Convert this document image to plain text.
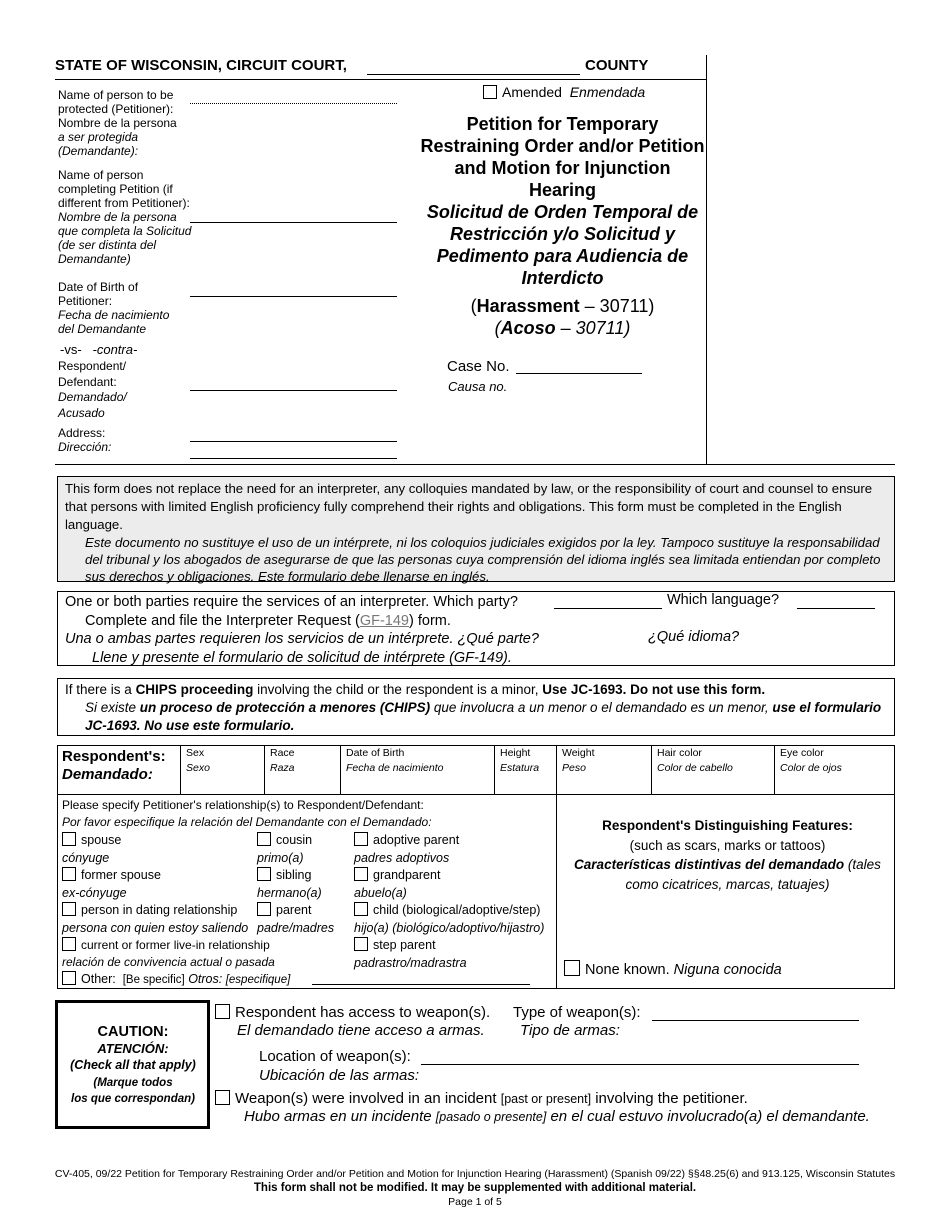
STATE OF WISCONSIN, CIRCUIT COURT,	COUNTY
Name of person to be protected (Petitioner):
Nombre de la persona
a ser protegida
(Demandante):
Name of person completing Petition (if different from Petitioner):
Nombre de la persona que completa la Solicitud (de ser distinta del Demandante)
Date of Birth of Petitioner:
Fecha de nacimiento del Demandante
-vs- -contra-
Respondent/ Defendant:
Demandado/ Acusado
Address:
Dirección:
Amended Enmendada
Petition for Temporary Restraining Order and/or Petition and Motion for Injunction Hearing
Solicitud de Orden Temporal de Restricción y/o Solicitud y Pedimento para Audiencia de Interdicto
(Harassment – 30711)
(Acoso – 30711)
Case No.
Causa no.
This form does not replace the need for an interpreter, any colloquies mandated by law, or the responsibility of court and counsel to ensure that persons with limited English proficiency fully comprehend their rights and obligations. This form must be completed in the English language.
Este documento no sustituye el uso de un intérprete, ni los coloquios judiciales exigidos por la ley. Tampoco sustituye la responsabilidad del tribunal y los abogados de asegurarse de que las personas cuya comprensión del idioma inglés sea limitada entiendan por completo sus derechos y obligaciones. Este formulario debe llenarse en inglés.
One or both parties require the services of an interpreter. Which party?
Complete and file the Interpreter Request (GF-149) form.
Una o ambas partes requieren los servicios de un intérprete. ¿Qué parte?
Llene y presente el formulario de solicitud de intérprete (GF-149).
Which language?
¿Qué idioma?
If there is a CHIPS proceeding involving the child or the respondent is a minor, Use JC-1693. Do not use this form.
Si existe un proceso de protección a menores (CHIPS) que involucra a un menor o el demandado es un menor, use el formulario JC-1693. No use este formulario.
Respondent's:
Demandado:
Sex
Sexo
Race
Raza
Date of Birth
Fecha de nacimiento
Height
Estatura
Weight
Peso
Hair color
Color de cabello
Eye color
Color de ojos
Please specify Petitioner's relationship(s) to Respondent/Defendant:
Por favor especifique la relación del Demandante con el Demandado:
spouse
cónyuge
former spouse
ex-cónyuge
person in dating relationship
persona con quien estoy saliendo
current or former live-in relationship
relación de convivencia actual o pasada
cousin
primo(a)
sibling
hermano(a)
parent
padre/madres
adoptive parent
padres adoptivos
grandparent
abuelo(a)
child (biological/adoptive/step)
hijo(a) (biológico/adoptivo/hijastro)
step parent
padrastro/madrastra
Other: [Be specific] Otros: [especifique]
Respondent's Distinguishing Features:
(such as scars, marks or tattoos)
Características distintivas del demandado (tales
como cicatrices, marcas, tatuajes)
None known. Niguna conocida
CAUTION:
ATENCIÓN:
(Check all that apply)
(Marque todos
los que correspondan)
Respondent has access to weapon(s).
El demandado tiene acceso a armas.
Type of weapon(s):
Tipo de armas:
Location of weapon(s):
Ubicación de las armas:
Weapon(s) were involved in an incident [past or present] involving the petitioner.
Hubo armas en un incidente [pasado o presente] en el cual estuvo involucrado(a) el demandante.
CV-405, 09/22 Petition for Temporary Restraining Order and/or Petition and Motion for Injunction Hearing (Harassment) (Spanish 09/22) §§48.25(6) and 913.125, Wisconsin Statutes
This form shall not be modified. It may be supplemented with additional material.
Page 1 of 5
